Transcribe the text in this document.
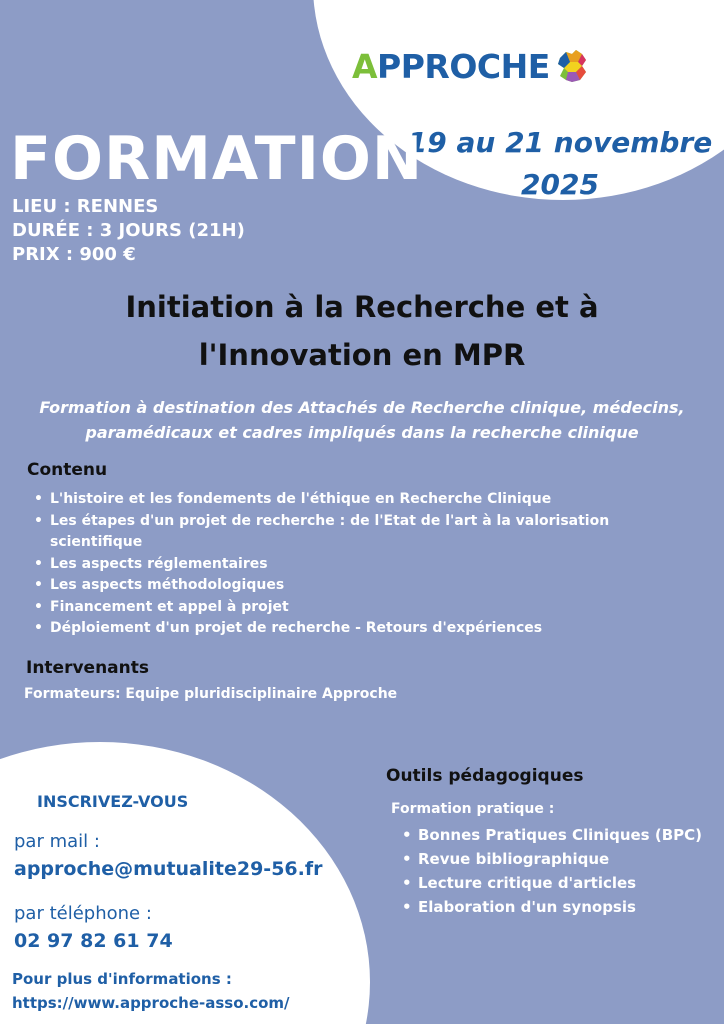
APPROCHE
19 au 21 novembre
2025
FORMATION
LIEU : RENNES
DURÉE : 3 JOURS (21H)
PRIX : 900 €
Initiation à la Recherche et à
l'Innovation en MPR
Formation à destination des Attachés de Recherche clinique, médecins,
paramédicaux et cadres impliqués dans la recherche clinique
Contenu
• L'histoire et les fondements de l'éthique en Recherche Clinique
• Les étapes d'un projet de recherche : de l'Etat de l'art à la valorisation scientifique
• Les aspects réglementaires
• Les aspects méthodologiques
• Financement et appel à projet
• Déploiement d'un projet de recherche - Retours d'expériences
Intervenants
Formateurs: Equipe pluridisciplinaire Approche
Outils pédagogiques
Formation pratique :
• Bonnes Pratiques Cliniques (BPC)
• Revue bibliographique
• Lecture critique d'articles
• Elaboration d'un synopsis
INSCRIVEZ-VOUS
par mail :
approche@mutualite29-56.fr
par téléphone :
02 97 82 61 74
Pour plus d'informations :
https://www.approche-asso.com/
